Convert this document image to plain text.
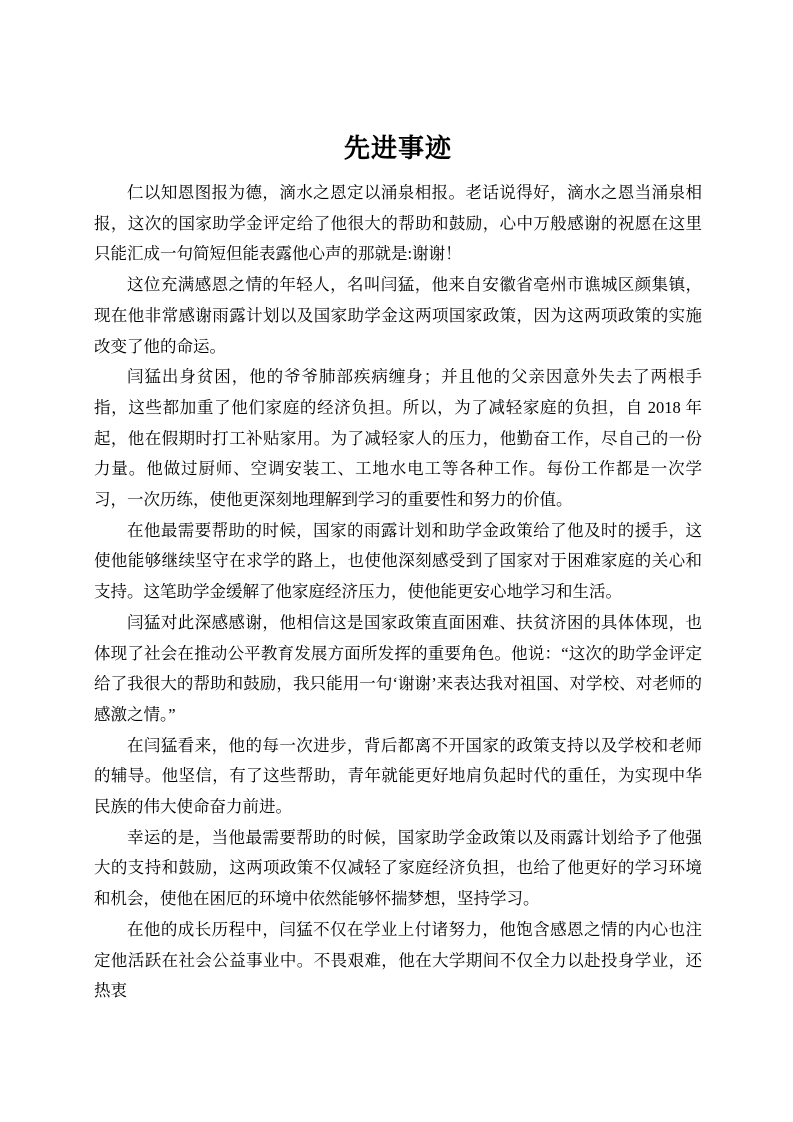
先进事迹

仁以知恩图报为德，滴水之恩定以涌泉相报。老话说得好，滴水之恩当涌泉相报，这次的国家助学金评定给了他很大的帮助和鼓励，心中万般感谢的祝愿在这里只能汇成一句简短但能表露他心声的那就是:谢谢！

这位充满感恩之情的年轻人，名叫闫猛，他来自安徽省亳州市谯城区颜集镇，现在他非常感谢雨露计划以及国家助学金这两项国家政策，因为这两项政策的实施改变了他的命运。

闫猛出身贫困，他的爷爷肺部疾病缠身；并且他的父亲因意外失去了两根手指，这些都加重了他们家庭的经济负担。所以，为了减轻家庭的负担，自 2018 年起，他在假期时打工补贴家用。为了减轻家人的压力，他勤奋工作，尽自己的一份力量。他做过厨师、空调安装工、工地水电工等各种工作。每份工作都是一次学习，一次历练，使他更深刻地理解到学习的重要性和努力的价值。

在他最需要帮助的时候，国家的雨露计划和助学金政策给了他及时的援手，这使他能够继续坚守在求学的路上，也使他深刻感受到了国家对于困难家庭的关心和支持。这笔助学金缓解了他家庭经济压力，使他能更安心地学习和生活。

闫猛对此深感感谢，他相信这是国家政策直面困难、扶贫济困的具体体现，也体现了社会在推动公平教育发展方面所发挥的重要角色。他说：“这次的助学金评定给了我很大的帮助和鼓励，我只能用一句‘谢谢’来表达我对祖国、对学校、对老师的感激之情。”

在闫猛看来，他的每一次进步，背后都离不开国家的政策支持以及学校和老师的辅导。他坚信，有了这些帮助，青年就能更好地肩负起时代的重任，为实现中华民族的伟大使命奋力前进。

幸运的是，当他最需要帮助的时候，国家助学金政策以及雨露计划给予了他强大的支持和鼓励，这两项政策不仅减轻了家庭经济负担，也给了他更好的学习环境和机会，使他在困厄的环境中依然能够怀揣梦想，坚持学习。

在他的成长历程中，闫猛不仅在学业上付诸努力，他饱含感恩之情的内心也注定他活跃在社会公益事业中。不畏艰难，他在大学期间不仅全力以赴投身学业，还热衷
